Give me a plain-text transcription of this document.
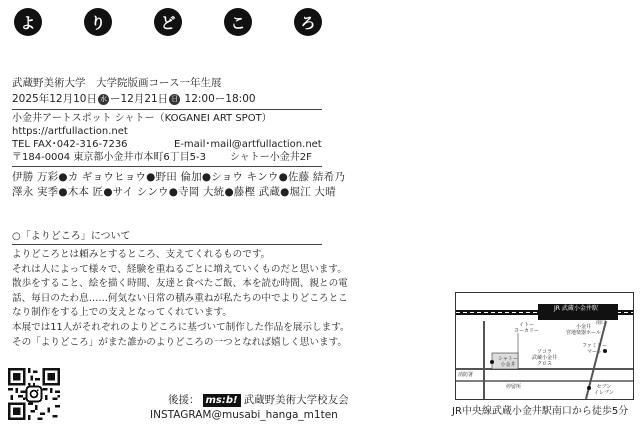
よ	り	ど	こ	ろ
武蔵野美術大学　大学院版画コース一年生展
2025年12月10日 水 ー12月21日 日 12:00ー18:00
小金井アートスポット シャトー（KOGANEI ART SPOT）
https://artfullaction.net
TEL FAX･042-316-7236	E-mail･mail@artfullaction.net
〒184-0004 東京都小金井市本町6丁目5-3 シャトー小金井2F
伊勝 万彩●カ ギョウヒョウ●野田 倫加●ショウ キンウ●佐藤 結希乃
澤永 実季●木本 匠●サイ シンウ●寺岡 大統●藤樫 武蔵●堀江 大晴
○「よりどころ」について
よりどころとは頼みとするところ、支えてくれるものです。
それは人によって様々で、経験を重ねるごとに増えていくものだと思います。
散歩をすること、絵を描く時間、友達と食べたご飯、本を読む時間、親との電
話、毎日のたわ息……何気ない日常の積み重ねが私たちの中でよりどころとこ
なり制作をする上での支えとなってくれています。
本展では11人がそれぞれのよりどころに基づいて制作した作品を展示します。
その「よりどころ」がまた誰かのよりどころの一つとなれば嬉しく思います。
後援： ms:b! 武蔵野美術大学校友会
INSTAGRAM@musabi_hanga_m1ten
JR 武蔵小金井駅
南口
イトー
ヨーカドー
小金井
宮地楽器ホール
ファミリー
マート
ソコラ
武蔵小金井
クロス
シャトー
小金井
消防署
停留所	セブン
イレブン
JR中央線武蔵小金井駅南口から徒歩5分
